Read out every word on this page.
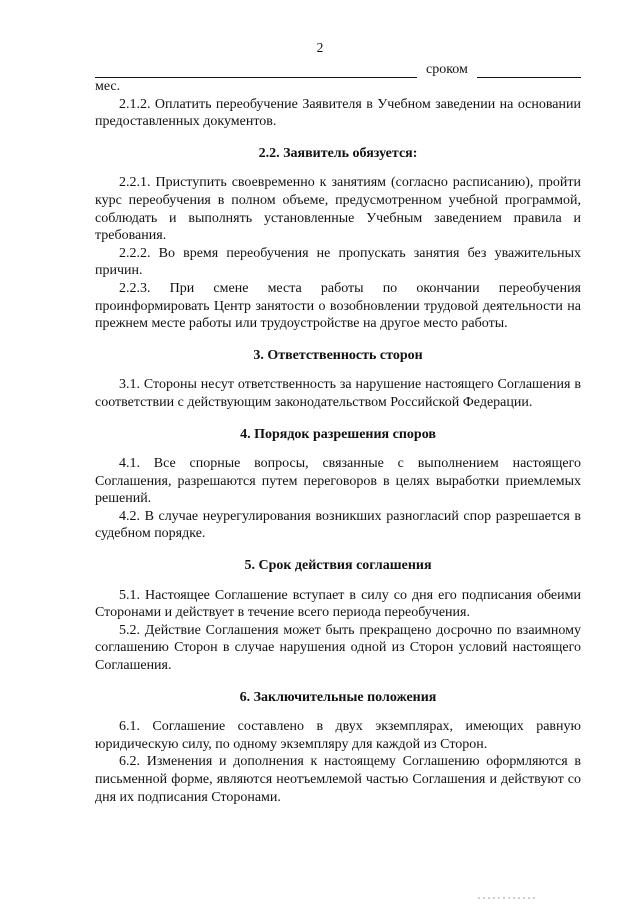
2
сроком

мес.

2.1.2. Оплатить переобучение Заявителя в Учебном заведении на основании предоставленных документов.

2.2. Заявитель обязуется:

2.2.1. Приступить своевременно к занятиям (согласно расписанию), пройти курс переобучения в полном объеме, предусмотренном учебной программой, соблюдать и выполнять установленные Учебным заведением правила и требования.

2.2.2. Во время переобучения не пропускать занятия без уважительных причин.

2.2.3. При смене места работы по окончании переобучения проинформировать Центр занятости о возобновлении трудовой деятельности на прежнем месте работы или трудоустройстве на другое место работы.

3. Ответственность сторон

3.1. Стороны несут ответственность за нарушение настоящего Соглашения в соответствии с действующим законодательством Российской Федерации.

4. Порядок разрешения споров

4.1. Все спорные вопросы, связанные с выполнением настоящего Соглашения, разрешаются путем переговоров в целях выработки приемлемых решений.

4.2. В случае неурегулирования возникших разногласий спор разрешается в судебном порядке.

5. Срок действия соглашения

5.1. Настоящее Соглашение вступает в силу со дня его подписания обеими Сторонами и действует в течение всего периода переобучения.

5.2. Действие Соглашения может быть прекращено досрочно по взаимному соглашению Сторон в случае нарушения одной из Сторон условий настоящего Соглашения.

6. Заключительные положения

6.1. Соглашение составлено в двух экземплярах, имеющих равную юридическую силу, по одному экземпляру для каждой из Сторон.

6.2. Изменения и дополнения к настоящему Соглашению оформляются в письменной форме, являются неотъемлемой частью Соглашения и действуют со дня их подписания Сторонами.
